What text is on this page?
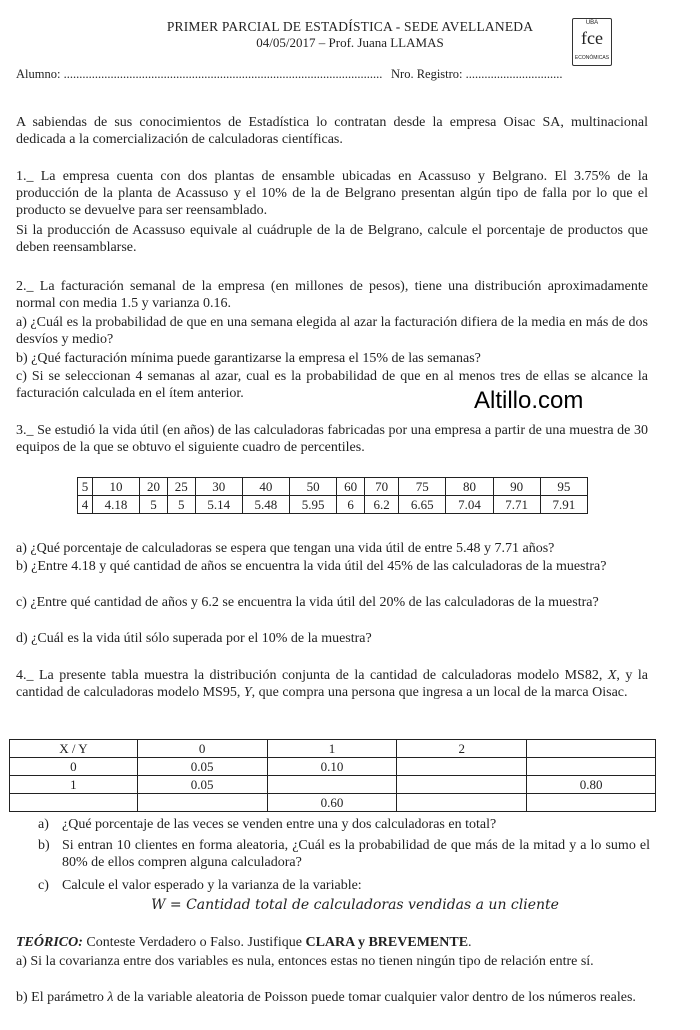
PRIMER PARCIAL DE ESTADÍSTICA - SEDE AVELLANEDA
04/05/2017 – Prof. Juana LLAMAS
UBA
fce
ECONÓMICAS
Alumno: ...................................................................................................... Nro. Registro: ...............................
A sabiendas de sus conocimientos de Estadística lo contratan desde la empresa Oisac SA, multinacional dedicada a la comercialización de calculadoras científicas.
1._ La empresa cuenta con dos plantas de ensamble ubicadas en Acassuso y Belgrano. El 3.75% de la producción de la planta de Acassuso y el 10% de la de Belgrano presentan algún tipo de falla por lo que el producto se devuelve para ser reensamblado.
Si la producción de Acassuso equivale al cuádruple de la de Belgrano, calcule el porcentaje de productos que deben reensamblarse.
2._ La facturación semanal de la empresa (en millones de pesos), tiene una distribución aproximadamente normal con media 1.5 y varianza 0.16.
a) ¿Cuál es la probabilidad de que en una semana elegida al azar la facturación difiera de la media en más de dos desvíos y medio?
b) ¿Qué facturación mínima puede garantizarse la empresa el 15% de las semanas?
c) Si se seleccionan 4 semanas al azar, cual es la probabilidad de que en al menos tres de ellas se alcance la facturación calculada en el ítem anterior.	Altillo.com
3._ Se estudió la vida útil (en años) de las calculadoras fabricadas por una empresa a partir de una muestra de 30 equipos de la que se obtuvo el siguiente cuadro de percentiles.
5	10	20	25	30	40	50	60	70	75	80	90	95
4	4.18	5	5	5.14	5.48	5.95	6	6.2	6.65	7.04	7.71	7.91
a) ¿Qué porcentaje de calculadoras se espera que tengan una vida útil de entre 5.48 y 7.71 años?
b) ¿Entre 4.18 y qué cantidad de años se encuentra la vida útil del 45% de las calculadoras de la muestra?
c) ¿Entre qué cantidad de años y 6.2 se encuentra la vida útil del 20% de las calculadoras de la muestra?
d) ¿Cuál es la vida útil sólo superada por el 10% de la muestra?
4._ La presente tabla muestra la distribución conjunta de la cantidad de calculadoras modelo MS82, X, y la cantidad de calculadoras modelo MS95, Y, que compra una persona que ingresa a un local de la marca Oisac.
X / Y	0	1	2	
0	0.05	0.10		
1	0.05			0.80
		0.60		
a) ¿Qué porcentaje de las veces se venden entre una y dos calculadoras en total?
b) Si entran 10 clientes en forma aleatoria, ¿Cuál es la probabilidad de que más de la mitad y a lo sumo el 80% de ellos compren alguna calculadora?
c) Calcule el valor esperado y la varianza de la variable:
W = Cantidad total de calculadoras vendidas a un cliente
TEÓRICO: Conteste Verdadero o Falso. Justifique CLARA y BREVEMENTE.
a) Si la covarianza entre dos variables es nula, entonces estas no tienen ningún tipo de relación entre sí.
b) El parámetro λ de la variable aleatoria de Poisson puede tomar cualquier valor dentro de los números reales.
